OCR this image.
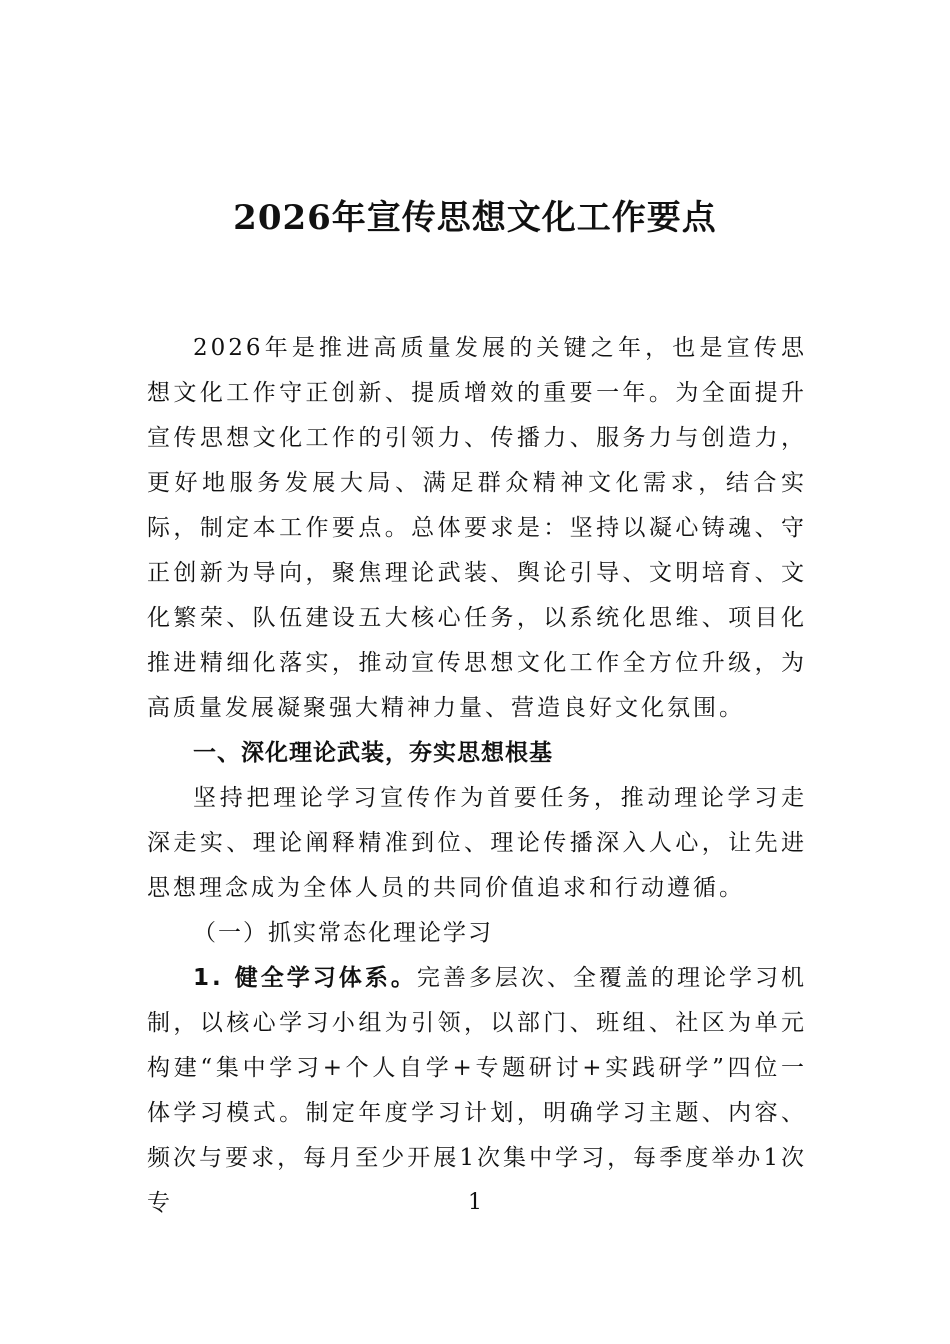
2026年宣传思想文化工作要点

2026年是推进高质量发展的关键之年，也是宣传思想文化工作守正创新、提质增效的重要一年。为全面提升宣传思想文化工作的引领力、传播力、服务力与创造力，更好地服务发展大局、满足群众精神文化需求，结合实际，制定本工作要点。总体要求是：坚持以凝心铸魂、守正创新为导向，聚焦理论武装、舆论引导、文明培育、文化繁荣、队伍建设五大核心任务，以系统化思维、项目化推进精细化落实，推动宣传思想文化工作全方位升级，为高质量发展凝聚强大精神力量、营造良好文化氛围。

一、深化理论武装，夯实思想根基

坚持把理论学习宣传作为首要任务，推动理论学习走深走实、理论阐释精准到位、理论传播深入人心，让先进思想理念成为全体人员的共同价值追求和行动遵循。

（一）抓实常态化理论学习

1. 健全学习体系。完善多层次、全覆盖的理论学习机制，以核心学习小组为引领，以部门、班组、社区为单元构建“集中学习+个人自学+专题研讨+实践研学”四位一体学习模式。制定年度学习计划，明确学习主题、内容、频次与要求，每月至少开展1次集中学习，每季度举办1次专	1
